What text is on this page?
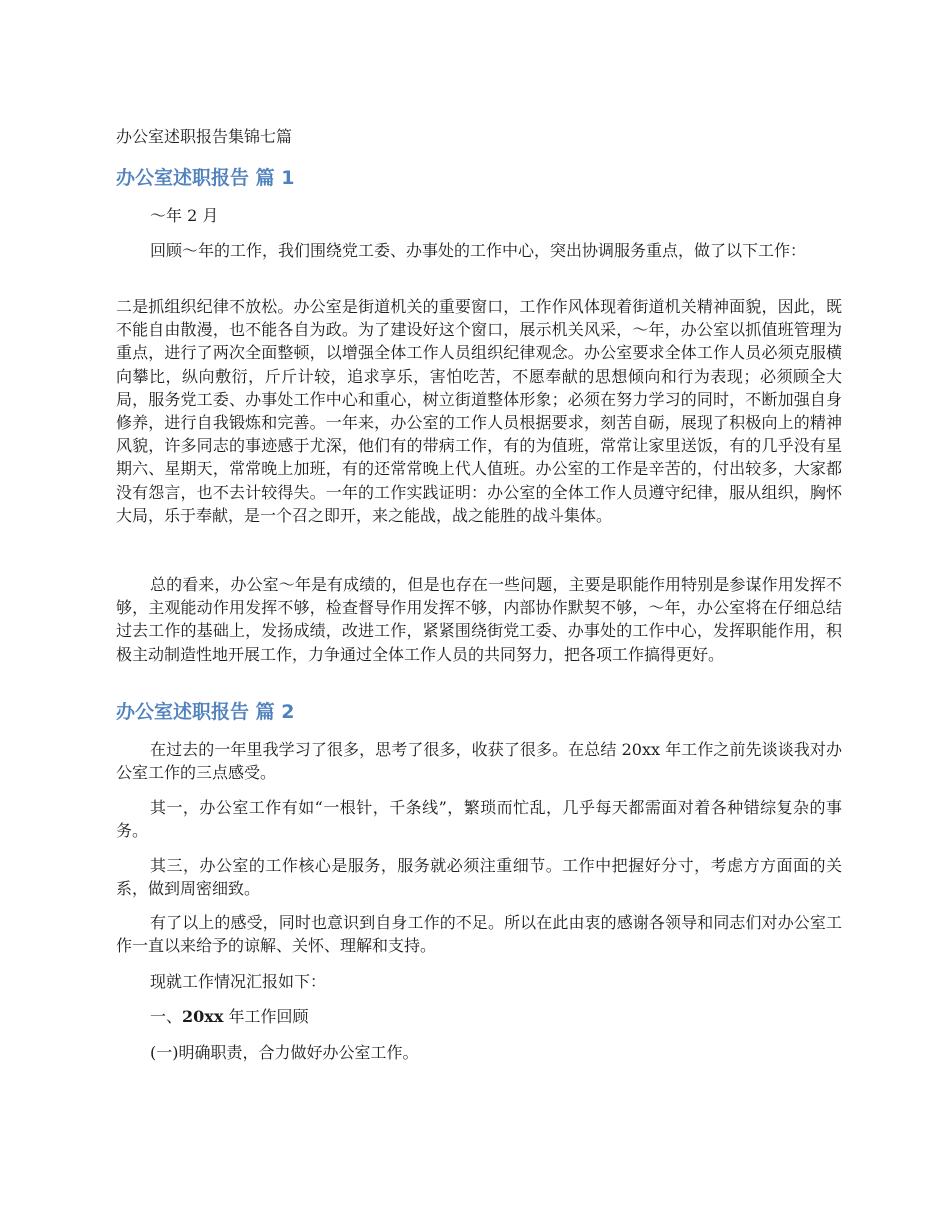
办公室述职报告集锦七篇

办公室述职报告 篇 1

～年 2 月

回顾～年的工作，我们围绕党工委、办事处的工作中心，突出协调服务重点，做了以下工作：

二是抓组织纪律不放松。办公室是街道机关的重要窗口，工作作风体现着街道机关精神面貌，因此，既不能自由散漫，也不能各自为政。为了建设好这个窗口，展示机关风采，～年，办公室以抓值班管理为重点，进行了两次全面整顿，以增强全体工作人员组织纪律观念。办公室要求全体工作人员必须克服横向攀比，纵向敷衍，斤斤计较，追求享乐，害怕吃苦，不愿奉献的思想倾向和行为表现；必须顾全大局，服务党工委、办事处工作中心和重心，树立街道整体形象；必须在努力学习的同时，不断加强自身修养，进行自我锻炼和完善。一年来，办公室的工作人员根据要求，刻苦自砺，展现了积极向上的精神风貌，许多同志的事迹感于尤深，他们有的带病工作，有的为值班，常常让家里送饭，有的几乎没有星期六、星期天，常常晚上加班，有的还常常晚上代人值班。办公室的工作是辛苦的，付出较多，大家都没有怨言，也不去计较得失。一年的工作实践证明：办公室的全体工作人员遵守纪律，服从组织，胸怀大局，乐于奉献，是一个召之即开，来之能战，战之能胜的战斗集体。

总的看来，办公室～年是有成绩的，但是也存在一些问题，主要是职能作用特别是参谋作用发挥不够，主观能动作用发挥不够，检查督导作用发挥不够，内部协作默契不够，～年，办公室将在仔细总结过去工作的基础上，发扬成绩，改进工作，紧紧围绕街党工委、办事处的工作中心，发挥职能作用，积极主动制造性地开展工作，力争通过全体工作人员的共同努力，把各项工作搞得更好。

办公室述职报告 篇 2

在过去的一年里我学习了很多，思考了很多，收获了很多。在总结 20xx 年工作之前先谈谈我对办公室工作的三点感受。

其一，办公室工作有如“一根针，千条线”，繁琐而忙乱，几乎每天都需面对着各种错综复杂的事务。

其三，办公室的工作核心是服务，服务就必须注重细节。工作中把握好分寸，考虑方方面面的关系，做到周密细致。

有了以上的感受，同时也意识到自身工作的不足。所以在此由衷的感谢各领导和同志们对办公室工作一直以来给予的谅解、关怀、理解和支持。

现就工作情况汇报如下：

一、20xx 年工作回顾

(一)明确职责，合力做好办公室工作。
